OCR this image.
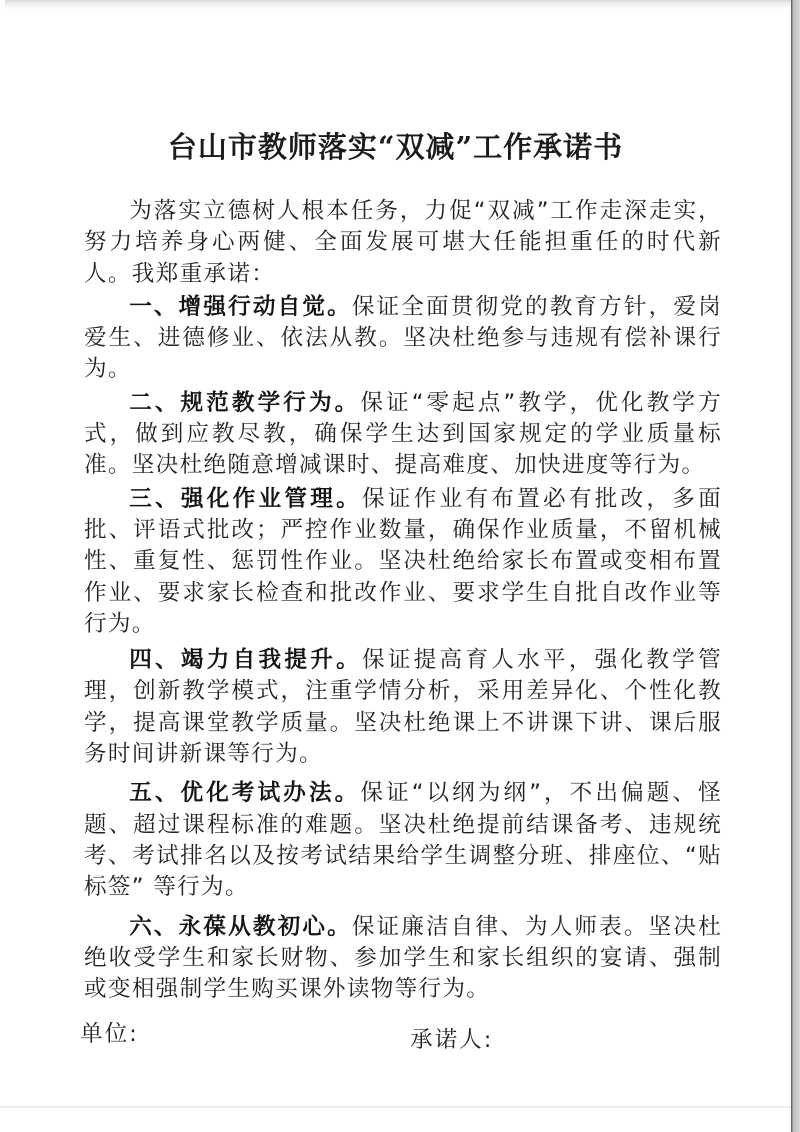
台山市教师落实“双减”工作承诺书

为落实立德树人根本任务，力促“双减”工作走深走实，努力培养身心两健、全面发展可堪大任能担重任的时代新人。我郑重承诺：

一、增强行动自觉。保证全面贯彻党的教育方针，爱岗爱生、进德修业、依法从教。坚决杜绝参与违规有偿补课行为。

二、规范教学行为。保证“零起点”教学，优化教学方式，做到应教尽教，确保学生达到国家规定的学业质量标准。坚决杜绝随意增减课时、提高难度、加快进度等行为。

三、强化作业管理。保证作业有布置必有批改，多面批、评语式批改；严控作业数量，确保作业质量，不留机械性、重复性、惩罚性作业。坚决杜绝给家长布置或变相布置作业、要求家长检查和批改作业、要求学生自批自改作业等行为。

四、竭力自我提升。保证提高育人水平，强化教学管理，创新教学模式，注重学情分析，采用差异化、个性化教学，提高课堂教学质量。坚决杜绝课上不讲课下讲、课后服务时间讲新课等行为。

五、优化考试办法。保证“以纲为纲”，不出偏题、怪题、超过课程标准的难题。坚决杜绝提前结课备考、违规统考、考试排名以及按考试结果给学生调整分班、排座位、“贴标签” 等行为。

六、永葆从教初心。保证廉洁自律、为人师表。坚决杜绝收受学生和家长财物、参加学生和家长组织的宴请、强制或变相强制学生购买课外读物等行为。

单位:	承诺人:
